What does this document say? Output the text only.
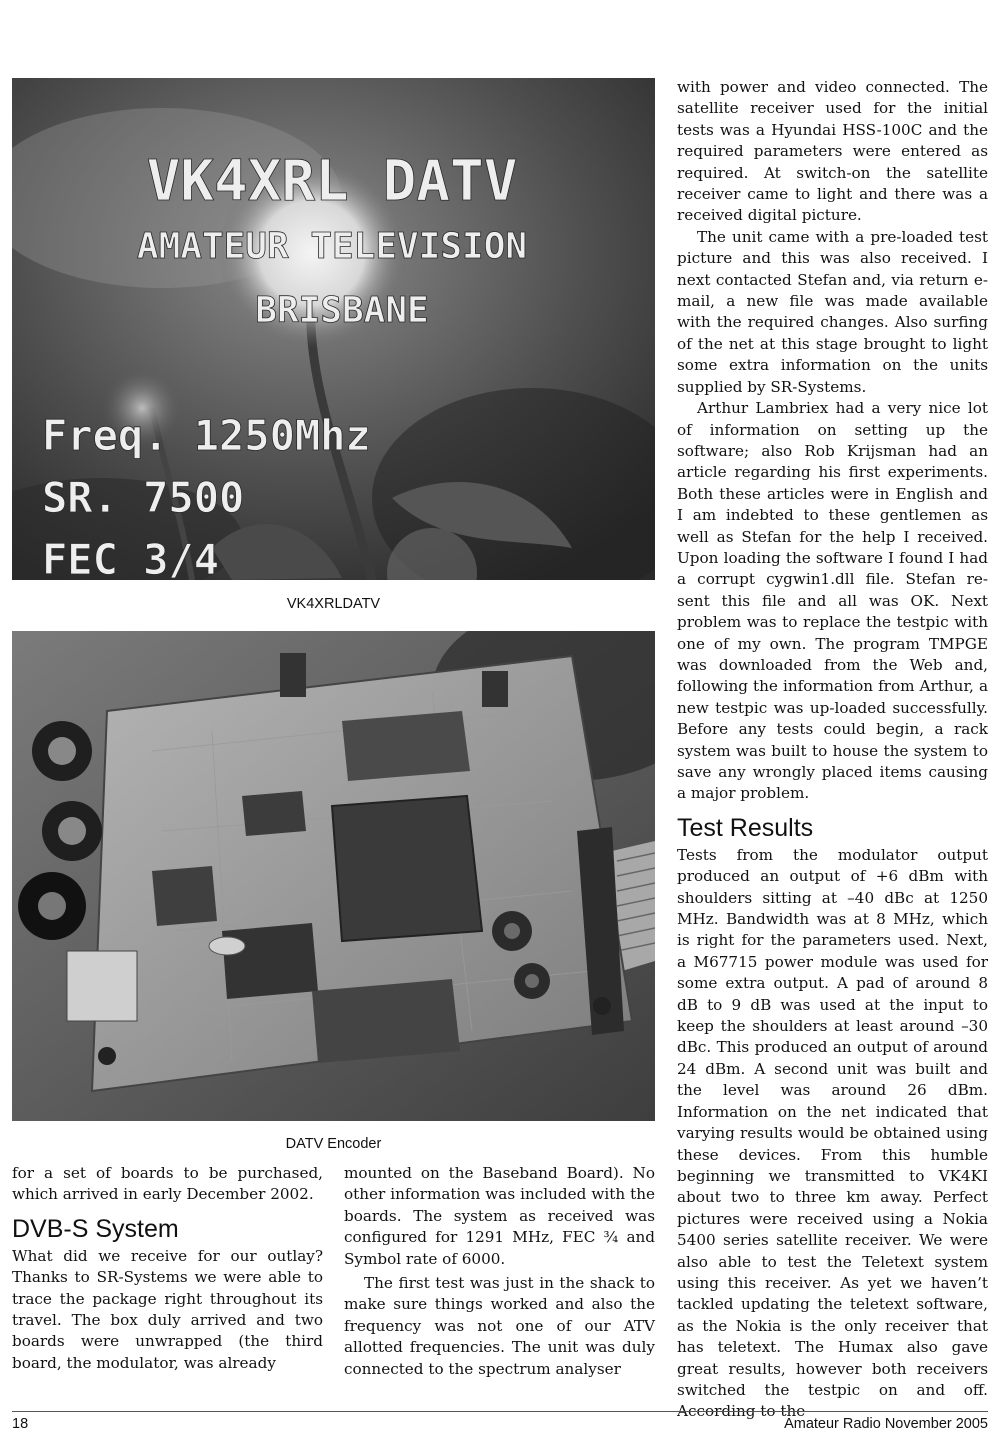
VK4XRL DATV
AMATEUR TELEVISION
BRISBANE
Freq. 1250Mhz
SR. 7500
FEC 3/4
VK4XRLDATV
DATV Encoder

for a set of boards to be purchased, which arrived in early December 2002.

DVB-S System

What did we receive for our outlay? Thanks to SR-Systems we were able to trace the package right throughout its travel. The box duly arrived and two boards were unwrapped (the third board, the modulator, was already

mounted on the Baseband Board). No other information was included with the boards. The system as received was configured for 1291 MHz, FEC ¾ and Symbol rate of 6000.

The first test was just in the shack to make sure things worked and also the frequency was not one of our ATV allotted frequencies. The unit was duly connected to the spectrum analyser

with power and video connected. The satellite receiver used for the initial tests was a Hyundai HSS-100C and the required parameters were entered as required. At switch-on the satellite receiver came to light and there was a received digital picture.

The unit came with a pre-loaded test picture and this was also received. I next contacted Stefan and, via return e-mail, a new file was made available with the required changes. Also surfing of the net at this stage brought to light some extra information on the units supplied by SR-Systems.

Arthur Lambriex had a very nice lot of information on setting up the software; also Rob Krijsman had an article regarding his first experiments. Both these articles were in English and I am indebted to these gentlemen as well as Stefan for the help I received. Upon loading the software I found I had a corrupt cygwin1.dll file. Stefan re-sent this file and all was OK. Next problem was to replace the testpic with one of my own. The program TMPGE was downloaded from the Web and, following the information from Arthur, a new testpic was up-loaded successfully. Before any tests could begin, a rack system was built to house the system to save any wrongly placed items causing a major problem.

Test Results

Tests from the modulator output produced an output of +6 dBm with shoulders sitting at –40 dBc at 1250 MHz. Bandwidth was at 8 MHz, which is right for the parameters used. Next, a M67715 power module was used for some extra output. A pad of around 8 dB to 9 dB was used at the input to keep the shoulders at least around –30 dBc. This produced an output of around 24 dBm. A second unit was built and the level was around 26 dBm. Information on the net indicated that varying results would be obtained using these devices. From this humble beginning we transmitted to VK4KI about two to three km away. Perfect pictures were received using a Nokia 5400 series satellite receiver. We were also able to test the Teletext system using this receiver. As yet we haven’t tackled updating the teletext software, as the Nokia is the only receiver that has teletext. The Humax also gave great results, however both receivers switched the testpic on and off. According to the

18	Amateur Radio November 2005
